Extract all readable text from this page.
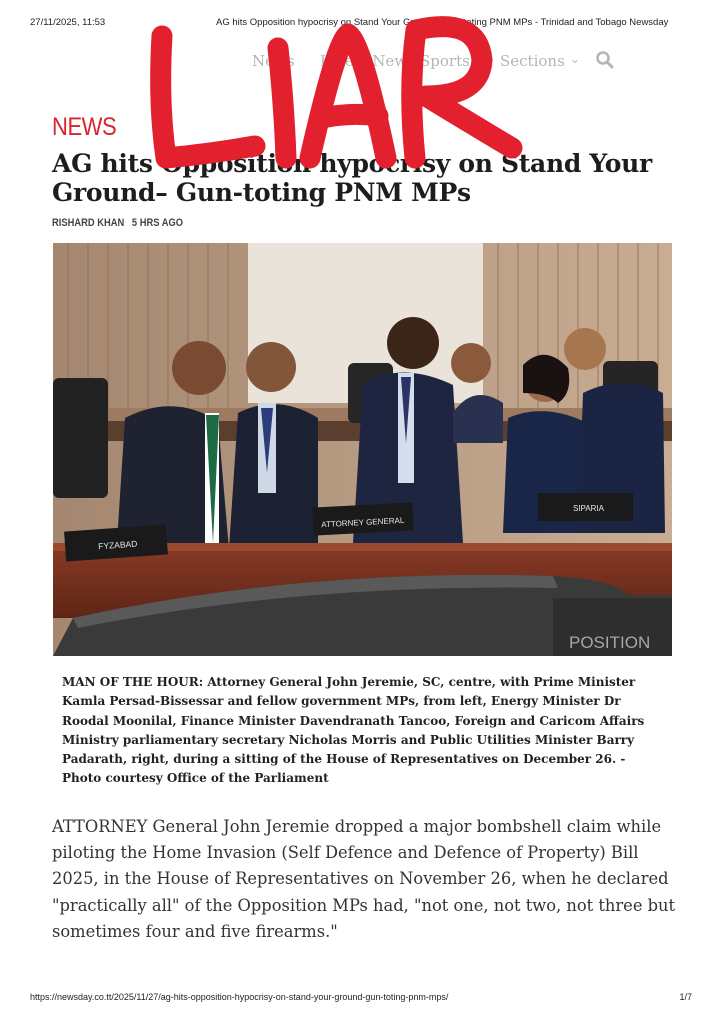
27/11/2025, 11:53	AG hits Opposition hypocrisy on Stand Your Ground– Gun-toting PNM MPs - Trinidad and Tobago Newsday
News Latest News Sports Sections ⌄
NEWS
AG hits Opposition hypocrisy on Stand Your Ground– Gun-toting PNM MPs
RISHARD KHAN 5 HRS AGO
FYZABAD
ATTORNEY GENERAL
SIPARIA
POSITION

MAN OF THE HOUR: Attorney General John Jeremie, SC, centre, with Prime Minister Kamla Persad-Bissessar and fellow government MPs, from left, Energy Minister Dr Roodal Moonilal, Finance Minister Davendranath Tancoo, Foreign and Caricom Affairs Ministry parliamentary secretary Nicholas Morris and Public Utilities Minister Barry Padarath, right, during a sitting of the House of Representatives on December 26. - Photo courtesy Office of the Parliament

ATTORNEY General John Jeremie dropped a major bombshell claim while piloting the Home Invasion (Self Defence and Defence of Property) Bill 2025, in the House of Representatives on November 26, when he declared "practically all" of the Opposition MPs had, "not one, not two, not three but sometimes four and five firearms."

https://newsday.co.tt/2025/11/27/ag-hits-opposition-hypocrisy-on-stand-your-ground-gun-toting-pnm-mps/	1/7
